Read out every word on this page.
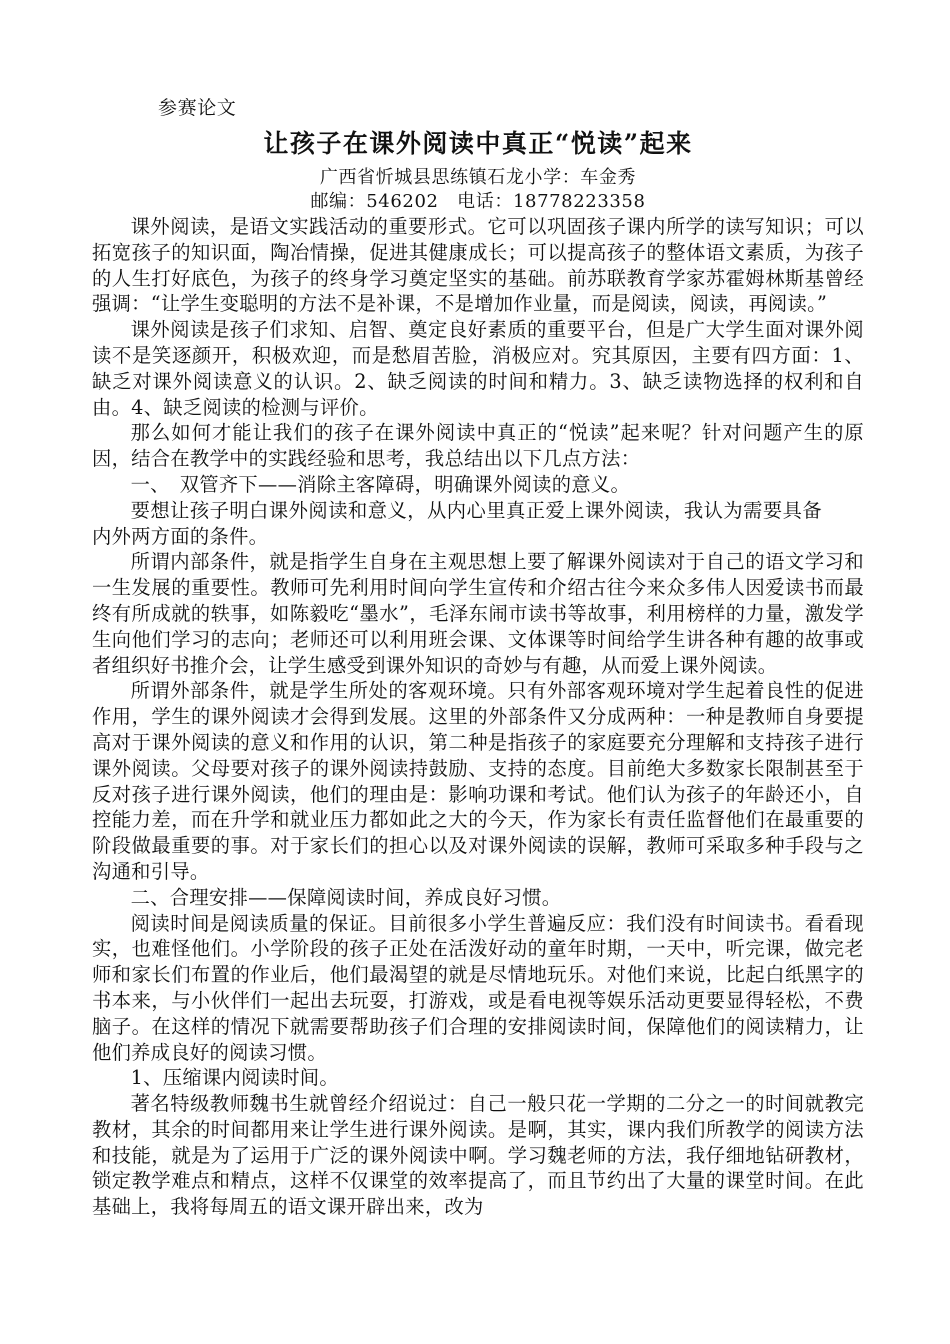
参赛论文

让孩子在课外阅读中真正“悦读”起来

广西省忻城县思练镇石龙小学：车金秀

邮编：546202　电话：18778223358

课外阅读，是语文实践活动的重要形式。它可以巩固孩子课内所学的读写知识；可以拓宽孩子的知识面，陶冶情操，促进其健康成长；可以提高孩子的整体语文素质，为孩子的人生打好底色，为孩子的终身学习奠定坚实的基础。前苏联教育学家苏霍姆林斯基曾经强调：“让学生变聪明的方法不是补课，不是增加作业量，而是阅读，阅读，再阅读。”

课外阅读是孩子们求知、启智、奠定良好素质的重要平台，但是广大学生面对课外阅读不是笑逐颜开，积极欢迎，而是愁眉苦脸，消极应对。究其原因，主要有四方面：1、缺乏对课外阅读意义的认识。2、缺乏阅读的时间和精力。3、缺乏读物选择的权利和自由。4、缺乏阅读的检测与评价。

那么如何才能让我们的孩子在课外阅读中真正的“悦读”起来呢？针对问题产生的原因，结合在教学中的实践经验和思考，我总结出以下几点方法：

一、　双管齐下——消除主客障碍，明确课外阅读的意义。

要想让孩子明白课外阅读和意义，从内心里真正爱上课外阅读，我认为需要具备内外两方面的条件。

所谓内部条件，就是指学生自身在主观思想上要了解课外阅读对于自己的语文学习和一生发展的重要性。教师可先利用时间向学生宣传和介绍古往今来众多伟人因爱读书而最终有所成就的轶事，如陈毅吃“墨水”，毛泽东闹市读书等故事，利用榜样的力量，激发学生向他们学习的志向；老师还可以利用班会课、文体课等时间给学生讲各种有趣的故事或者组织好书推介会，让学生感受到课外知识的奇妙与有趣，从而爱上课外阅读。

所谓外部条件，就是学生所处的客观环境。只有外部客观环境对学生起着良性的促进作用，学生的课外阅读才会得到发展。这里的外部条件又分成两种：一种是教师自身要提高对于课外阅读的意义和作用的认识，第二种是指孩子的家庭要充分理解和支持孩子进行课外阅读。父母要对孩子的课外阅读持鼓励、支持的态度。目前绝大多数家长限制甚至于反对孩子进行课外阅读，他们的理由是：影响功课和考试。他们认为孩子的年龄还小，自控能力差，而在升学和就业压力都如此之大的今天，作为家长有责任监督他们在最重要的阶段做最重要的事。对于家长们的担心以及对课外阅读的误解，教师可采取多种手段与之沟通和引导。

二、合理安排——保障阅读时间，养成良好习惯。

阅读时间是阅读质量的保证。目前很多小学生普遍反应：我们没有时间读书。看看现实，也难怪他们。小学阶段的孩子正处在活泼好动的童年时期，一天中，听完课，做完老师和家长们布置的作业后，他们最渴望的就是尽情地玩乐。对他们来说，比起白纸黑字的书本来，与小伙伴们一起出去玩耍，打游戏，或是看电视等娱乐活动更要显得轻松，不费脑子。在这样的情况下就需要帮助孩子们合理的安排阅读时间，保障他们的阅读精力，让他们养成良好的阅读习惯。

1、压缩课内阅读时间。

著名特级教师魏书生就曾经介绍说过：自己一般只花一学期的二分之一的时间就教完教材，其余的时间都用来让学生进行课外阅读。是啊，其实，课内我们所教学的阅读方法和技能，就是为了运用于广泛的课外阅读中啊。学习魏老师的方法，我仔细地钻研教材，锁定教学难点和精点，这样不仅课堂的效率提高了，而且节约出了大量的课堂时间。在此基础上，我将每周五的语文课开辟出来，改为
